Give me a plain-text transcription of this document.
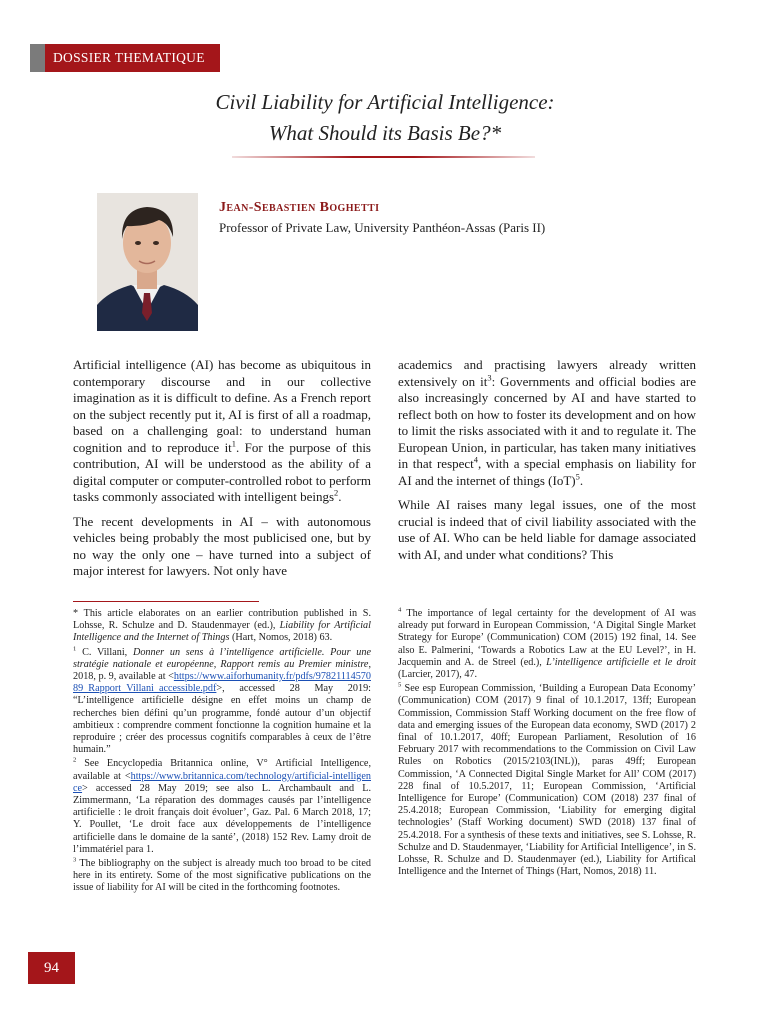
DOSSIER THEMATIQUE
Civil Liability for Artificial Intelligence:
What Should its Basis Be?*
Jean-Sebastien Boghetti
Professor of Private Law, University Panthéon-Assas (Paris II)

Artificial intelligence (AI) has become as ubiquitous in contemporary discourse and in our collective imagination as it is difficult to define. As a French report on the subject recently put it, AI is first of all a roadmap, based on a challenging goal: to understand human cognition and to reproduce $it^1$. For the purpose of this contribution, AI will be understood as the ability of a digital computer or computer-controlled robot to perform tasks commonly associated with intelligent beings$^2$.

The recent developments in AI – with autonomous vehicles being probably the most publicised one, but by no way the only one – have turned into a subject of major interest for lawyers. Not only have

academics and practising lawyers already written extensively on $it^3$: Governments and official bodies are also increasingly concerned by AI and have started to reflect both on how to foster its development and on how to limit the risks associated with it and to regulate it. The European Union, in particular, has taken many initiatives in that respect$^4$, with a special emphasis on liability for AI and the internet of things (IoT)$^5$.

While AI raises many legal issues, one of the most crucial is indeed that of civil liability associated with the use of AI. Who can be held liable for damage associated with AI, and under what conditions? This

* This article elaborates on an earlier contribution published in S. Lohsse, R. Schulze and D. Staudenmayer (ed.), Liability for Artificial Intelligence and the Internet of Things (Hart, Nomos, 2018) 63.

$^1$ C. Villani, Donner un sens à l’intelligence artificielle. Pour une stratégie nationale et européenne, Rapport remis au Premier ministre, 2018, p. 9, available at <https://www.aiforhumanity.fr/pdfs/9782111457089_Rapport_Villani_accessible.pdf>, accessed 28 May 2019: “L’intelligence artificielle désigne en effet moins un champ de recherches bien défini qu’un programme, fondé autour d’un objectif ambitieux : comprendre comment fonctionne la cognition humaine et la reproduire ; créer des processus cognitifs comparables à ceux de l’être humain.”

$^2$ See Encyclopedia Britannica online, V° Artificial Intelligence, available at <https://www.britannica.com/technology/artificial-intelligence> accessed 28 May 2019; see also L. Archambault and L. Zimmermann, ‘La réparation des dommages causés par l’intelligence artificielle : le droit français doit évoluer’, Gaz. Pal. 6 March 2018, 17; Y. Poullet, ‘Le droit face aux développements de l’intelligence artificielle dans le domaine de la santé’, (2018) 152 Rev. Lamy droit de l’immatériel para 1.

$^3$ The bibliography on the subject is already much too broad to be cited here in its entirety. Some of the most significative publications on the issue of liability for AI will be cited in the forthcoming footnotes.

$^4$ The importance of legal certainty for the development of AI was already put forward in European Commission, ‘A Digital Single Market Strategy for Europe’ (Communication) COM (2015) 192 final, 14. See also E. Palmerini, ‘Towards a Robotics Law at the EU Level?’, in H. Jacquemin and A. de Streel (ed.), L’intelligence artificielle et le droit (Larcier, 2017), 47.

$^5$ See esp European Commission, ‘Building a European Data Economy’ (Communication) COM (2017) 9 final of 10.1.2017, 13ff; European Commission, Commission Staff Working document on the free flow of data and emerging issues of the European data economy, SWD (2017) 2 final of 10.1.2017, 40ff; European Parliament, Resolution of 16 February 2017 with recommendations to the Commission on Civil Law Rules on Robotics (2015/2103(INL)), paras 49ff; European Commission, ‘A Connected Digital Single Market for All’ COM (2017) 228 final of 10.5.2017, 11; European Commission, ‘Artificial Intelligence for Europe’ (Communication) COM (2018) 237 final of 25.4.2018; European Commission, ‘Liability for emerging digital technologies’ (Staff Working document) SWD (2018) 137 final of 25.4.2018. For a synthesis of these texts and initiatives, see S. Lohsse, R. Schulze and D. Staudenmayer, ‘Liability for Artificial Intelligence’, in S. Lohsse, R. Schulze and D. Staudenmayer (ed.), Liability for Artifical Intelligence and the Internet of Things (Hart, Nomos, 2018) 11.

94
